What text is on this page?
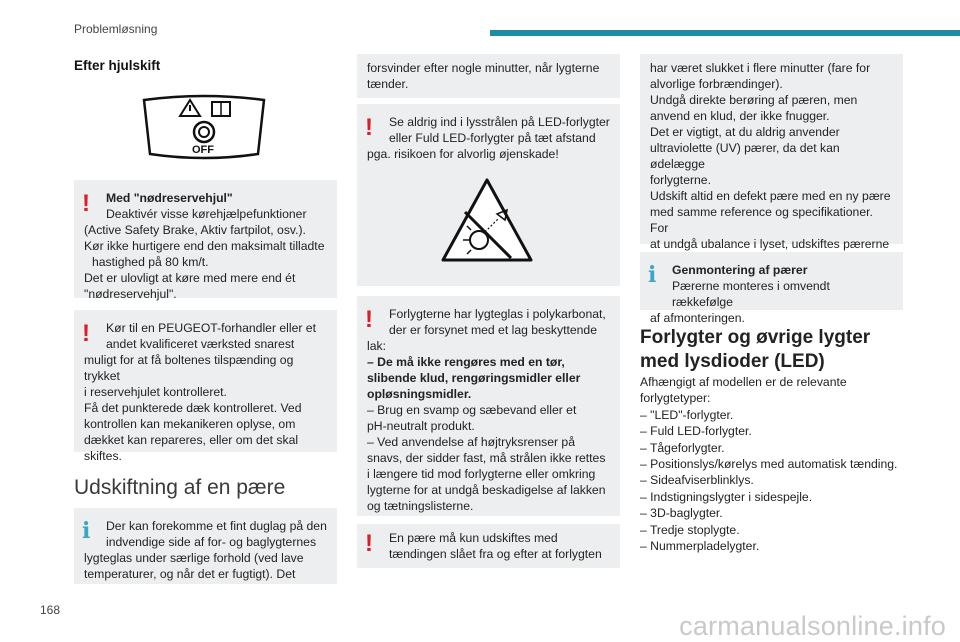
Problemløsning
168
carmanualsonline.info
Efter hjulskift
OFF
!	Med "nødreservehjul"

Deaktivér visse kørehjælpefunktioner

(Active Safety Brake, Aktiv fartpilot, osv.).

Kør ikke hurtigere end den maksimalt tilladte

hastighed på 80 km/t.

Det er ulovligt at køre med mere end ét

"nødreservehjul".

!	Kør til en PEUGEOT-forhandler eller et

andet kvalificeret værksted snarest

muligt for at få boltenes tilspænding og trykket

i reservehjulet kontrolleret.

Få det punkterede dæk kontrolleret. Ved

kontrollen kan mekanikeren oplyse, om

dækket kan repareres, eller om det skal

skiftes.

Udskiftning af en pære
i	Der kan forekomme et fint duglag på den

indvendige side af for- og baglygternes

lygteglas under særlige forhold (ved lave

temperaturer, og når det er fugtigt). Det

forsvinder efter nogle minutter, når lygterne

tænder.

!	Se aldrig ind i lysstrålen på LED-forlygter

eller Fuld LED-forlygter på tæt afstand

pga. risikoen for alvorlig øjenskade!

!	Forlygterne har lygteglas i polykarbonat,

der er forsynet med et lag beskyttende

lak:

– De må ikke rengøres med en tør,

slibende klud, rengøringsmidler eller

opløsningsmidler.

– Brug en svamp og sæbevand eller et

pH-neutralt produkt.

– Ved anvendelse af højtryksrenser på

snavs, der sidder fast, må strålen ikke rettes

i længere tid mod forlygterne eller omkring

lygterne for at undgå beskadigelse af lakken

og tætningslisterne.

!	En pære må kun udskiftes med

tændingen slået fra og efter at forlygten

har været slukket i flere minutter (fare for

alvorlige forbrændinger).

Undgå direkte berøring af pæren, men

anvend en klud, der ikke fnugger.

Det er vigtigt, at du aldrig anvender

ultraviolette (UV) pærer, da det kan ødelægge

forlygterne.

Udskift altid en defekt pære med en ny pære

med samme reference og specifikationer. For

at undgå ubalance i lyset, udskiftes pærerne

i	Genmontering af pærer

Pærerne monteres i omvendt rækkefølge

af afmonteringen.

Forlygter og øvrige lygter
med lysdioder (LED)

Afhængigt af modellen er de relevante

forlygtetyper:

– "LED"-forlygter.

– Fuld LED-forlygter.

– Tågeforlygter.

– Positionslys/kørelys med automatisk tænding.

– Sideafviserblinklys.

– Indstigningslygter i sidespejle.

– 3D-baglygter.

– Tredje stoplygte.

– Nummerpladelygter.
